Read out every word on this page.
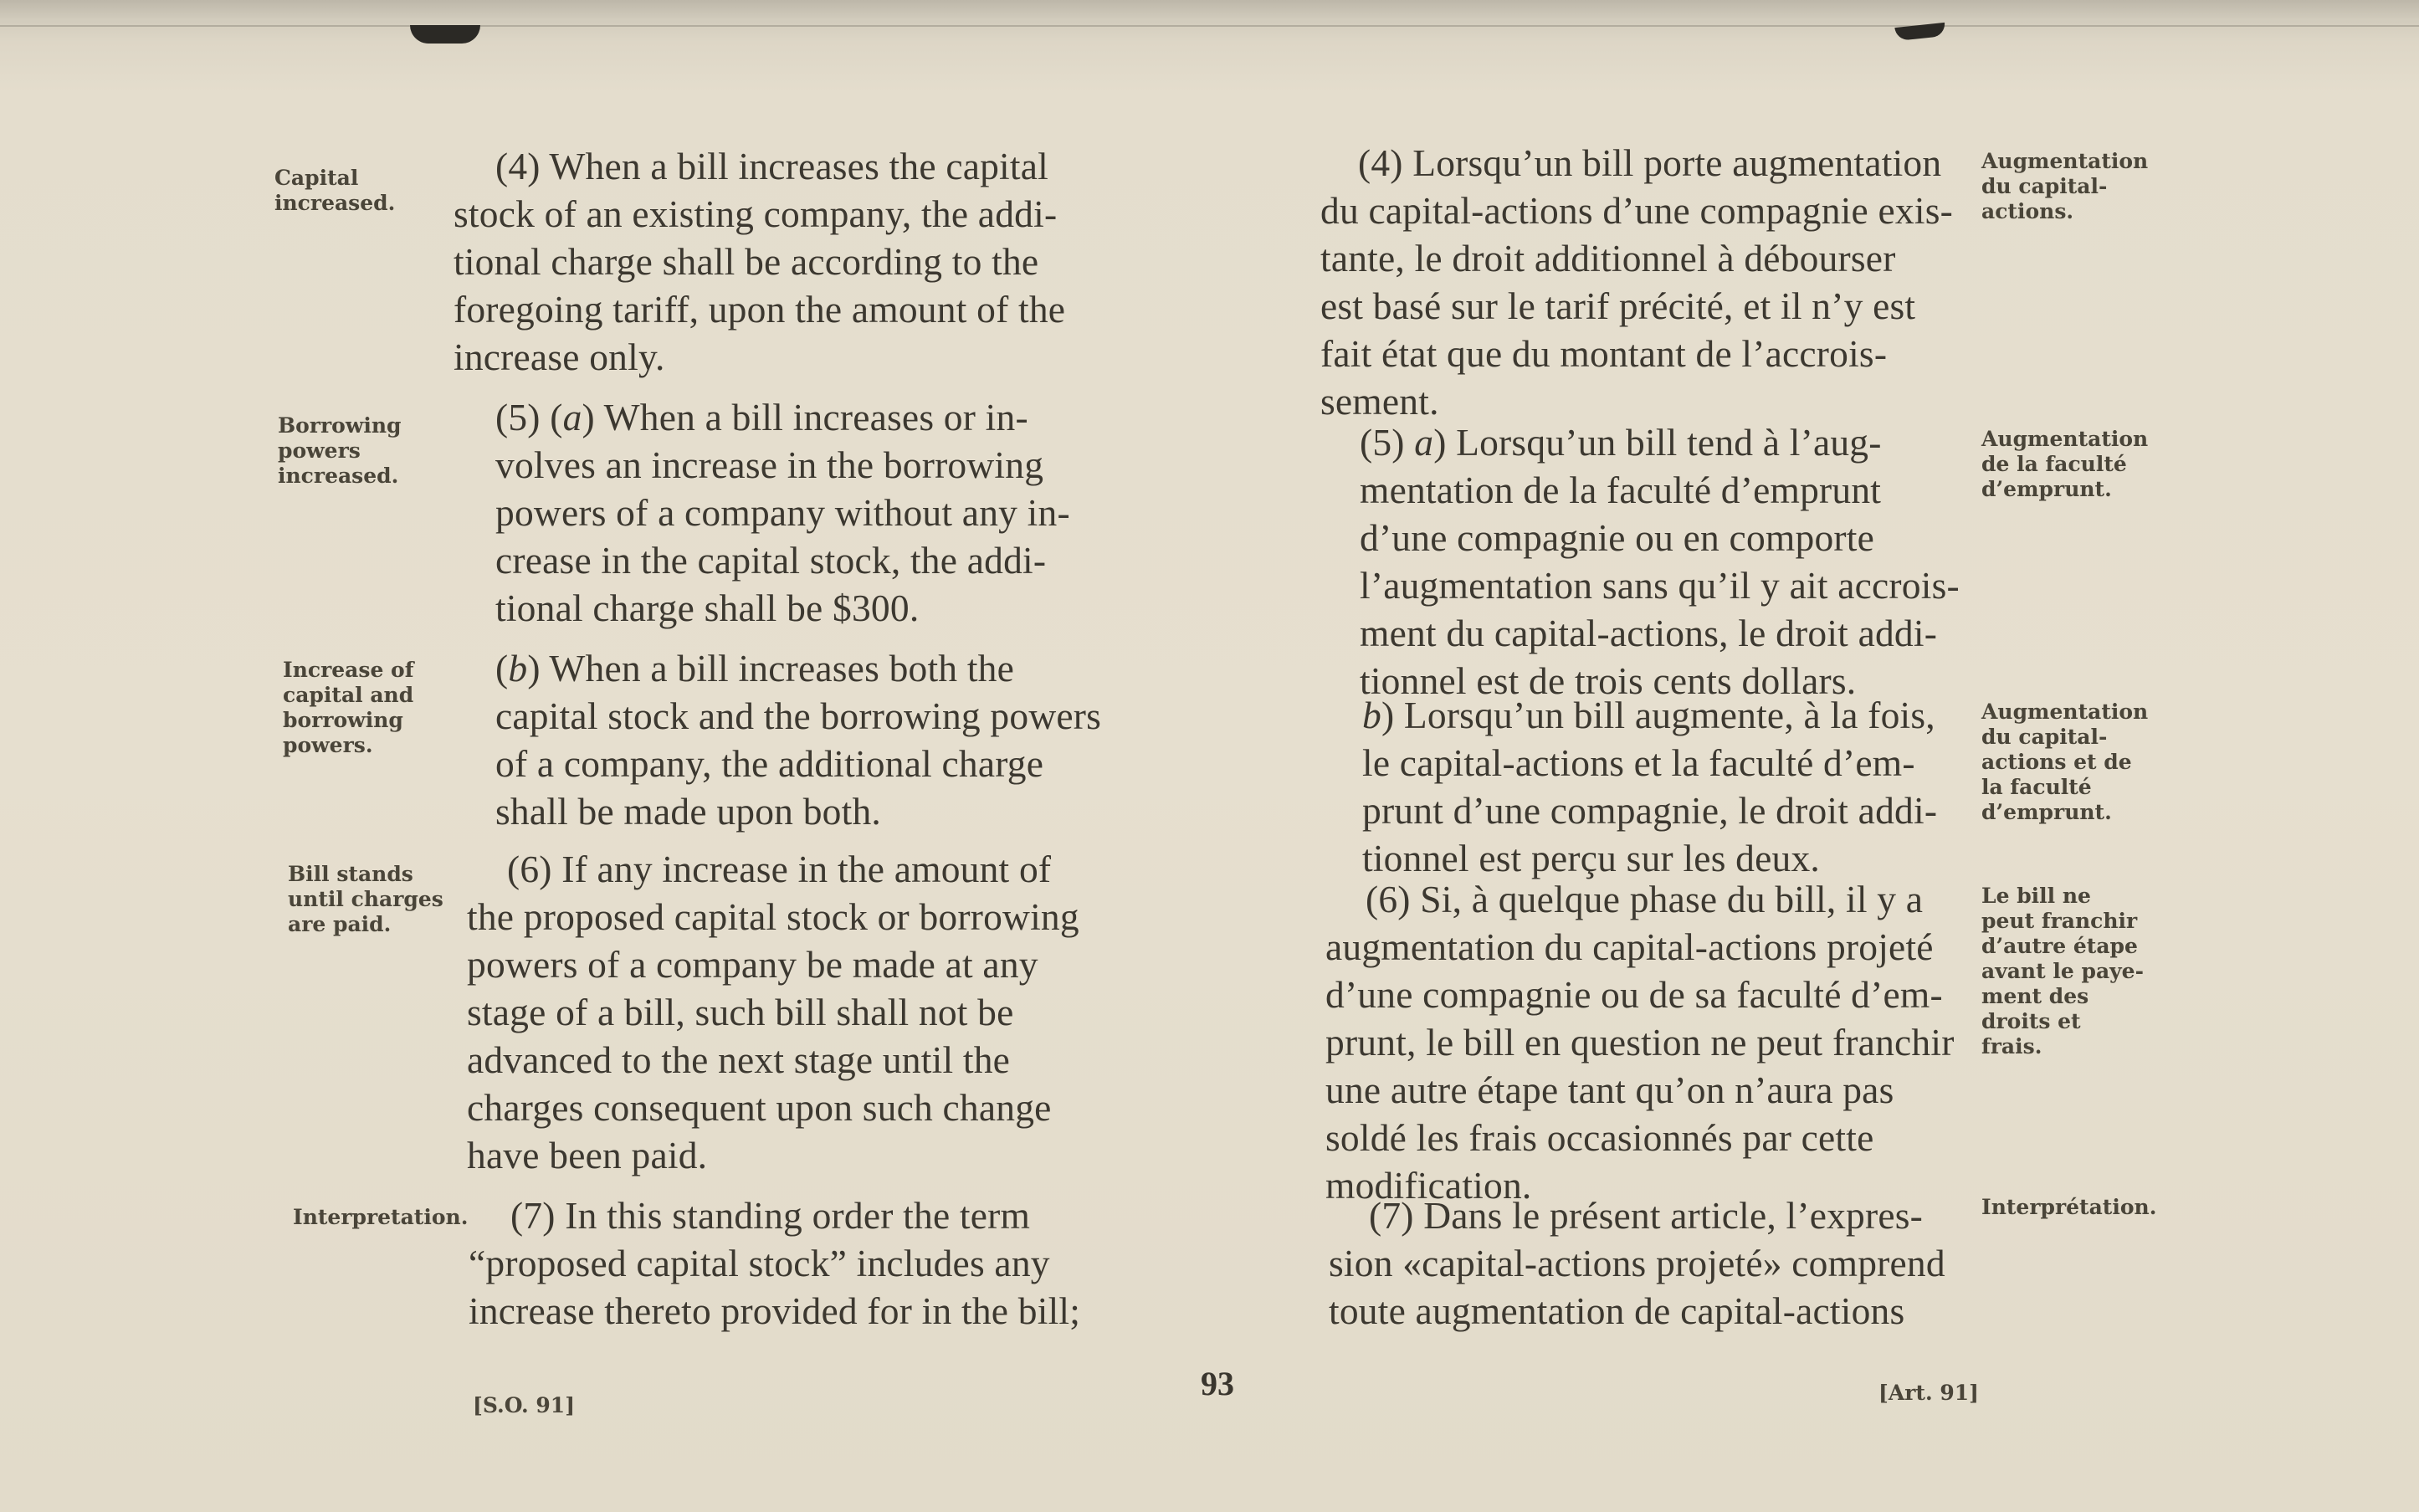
Capital
increased.
Borrowing
powers
increased.
Increase of
capital and
borrowing
powers.
Bill stands
until charges
are paid.
Interpretation.
(4) When a bill increases the capital
stock of an existing company, the addi-
tional charge shall be according to the
foregoing tariff, upon the amount of the
increase only.
(5) (a) When a bill increases or in-
volves an increase in the borrowing
powers of a company without any in-
crease in the capital stock, the addi-
tional charge shall be $300.
(b) When a bill increases both the
capital stock and the borrowing powers
of a company, the additional charge
shall be made upon both.
(6) If any increase in the amount of
the proposed capital stock or borrowing
powers of a company be made at any
stage of a bill, such bill shall not be
advanced to the next stage until the
charges consequent upon such change
have been paid.
(7) In this standing order the term
“proposed capital stock” includes any
increase thereto provided for in the bill;
[S.O. 91]
93
(4) Lorsqu’un bill porte augmentation
du capital-actions d’une compagnie exis-
tante, le droit additionnel à débourser
est basé sur le tarif précité, et il n’y est
fait état que du montant de l’accrois-
sement.
(5) a) Lorsqu’un bill tend à l’aug-
mentation de la faculté d’emprunt
d’une compagnie ou en comporte
l’augmentation sans qu’il y ait accrois-
ment du capital-actions, le droit addi-
tionnel est de trois cents dollars.
b) Lorsqu’un bill augmente, à la fois,
le capital-actions et la faculté d’em-
prunt d’une compagnie, le droit addi-
tionnel est perçu sur les deux.
(6) Si, à quelque phase du bill, il y a
augmentation du capital-actions projeté
d’une compagnie ou de sa faculté d’em-
prunt, le bill en question ne peut franchir
une autre étape tant qu’on n’aura pas
soldé les frais occasionnés par cette
modification.
(7) Dans le présent article, l’expres-
sion «capital-actions projeté» comprend
toute augmentation de capital-actions
Augmentation
du capital-
actions.
Augmentation
de la faculté
d’emprunt.
Augmentation
du capital-
actions et de
la faculté
d’emprunt.
Le bill ne
peut franchir
d’autre étape
avant le paye-
ment des
droits et
frais.
Interprétation.
[Art. 91]
